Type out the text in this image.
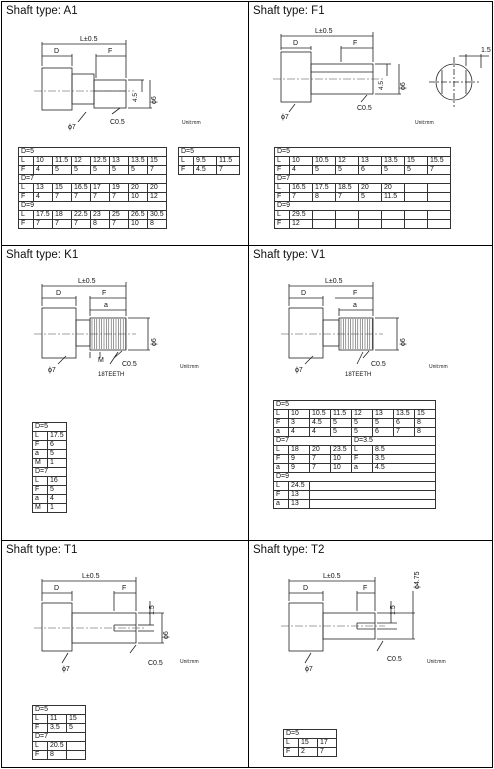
Shaft type: A1
L±0.5
D	F
4.5 ϕ6
ϕ7
C0.5	Unit:mm
D=5							
L	10	11.5	12	12.5	13	13.5	15
F	4	5	5	5	5	5	7
D=7							
L	13	15	16.5	17	19	20	20
F	4	7	7	7	7	10	12
D=9							
L	17.5	18	22.5	23	25	26.5	30.5
F	7	7	7	8	7	10	8
D=5		
L	9.5	11.5
F	4.5	7
Shaft type: F1
L±0.5
D	F
4.5 ϕ6
ϕ7
C0.5
1.5
Unit:mm
D=5							
L	10	10.5	12	13	13.5	15	15.5
F	4	5	5	6	5	5	7
D=7							
L	16.5	17.5	18.5	20	20		
F	7	8	7	5	11.5		
D=9							
L	29.5						
F	12						
Shaft type: K1
L±0.5
D	F
a
M
ϕ6
ϕ7
C0.5
18TEETH
Unit:mm
D=5	
L	17.5
F	6
a	5
M	1
D=7	
L	16
F	5
a	4
M	1
Shaft type: V1
L±0.5
D	F
a
ϕ6
ϕ7
C0.5
18TEETH
Unit:mm
D=5							
L	10	10.5	11.5	12	13	13.5	15
F	3	4.5	5	5	5	6	8
a	4	4	5	5	6	7	8
D=7				D=3.5			
L	18	20	23.5	L	8.5		
F	9	7	10	F	3.5		
a	9	7	10	a	4.5		
D=9							
L	24.5						
F	13						
a	13						
Shaft type: T1
L±0.5
D	F
1.5
ϕ6
ϕ7
C0.5	Unit:mm
D=5		
L	11	15
F	3.5	5
D=7		
L	20.5	
F	8	
Shaft type: T2
L±0.5
D	F
1.5
ϕ4.75
ϕ7
C0.5	Unit:mm
D=5		
L	15	17
F	2	7
